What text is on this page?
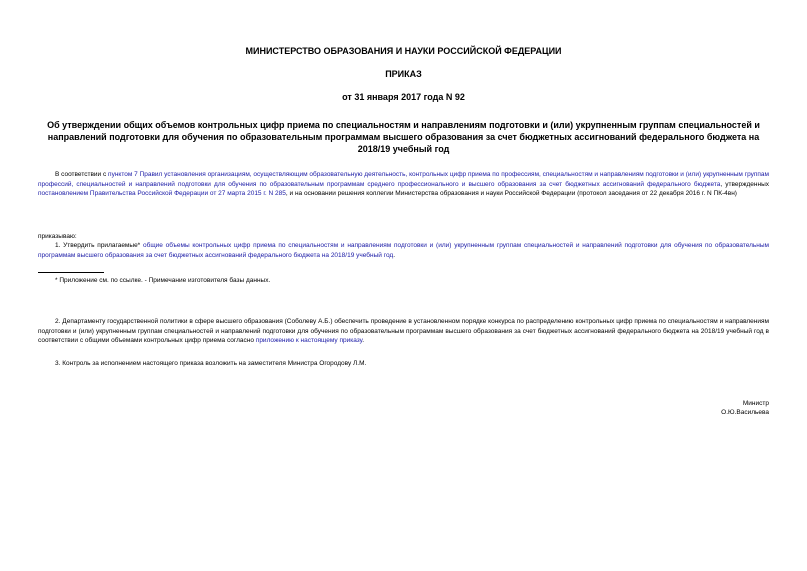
МИНИСТЕРСТВО ОБРАЗОВАНИЯ И НАУКИ РОССИЙСКОЙ ФЕДЕРАЦИИ
ПРИКАЗ
от 31 января 2017 года N 92
Об утверждении общих объемов контрольных цифр приема по специальностям и направлениям подготовки и (или) укрупненным группам специальностей и направлений подготовки для обучения по образовательным программам высшего образования за счет бюджетных ассигнований федерального бюджета на 2018/19 учебный год
В соответствии с пунктом 7 Правил установления организациям, осуществляющим образовательную деятельность, контрольных цифр приема по профессиям, специальностям и направлениям подготовки и (или) укрупненным группам профессий, специальностей и направлений подготовки для обучения по образовательным программам среднего профессионального и высшего образования за счет бюджетных ассигнований федерального бюджета, утвержденных постановлением Правительства Российской Федерации от 27 марта 2015 г. N 285, и на основании решения коллегии Министерства образования и науки Российской Федерации (протокол заседания от 22 декабря 2016 г. N ПК-4вн)
приказываю:
1. Утвердить прилагаемые* общие объемы контрольных цифр приема по специальностям и направлениям подготовки и (или) укрупненным группам специальностей и направлений подготовки для обучения по образовательным программам высшего образования за счет бюджетных ассигнований федерального бюджета на 2018/19 учебный год.
* Приложение см. по ссылке. - Примечание изготовителя базы данных.
2. Департаменту государственной политики в сфере высшего образования (Соболеву А.Б.) обеспечить проведение в установленном порядке конкурса по распределению контрольных цифр приема по специальностям и направлениям подготовки и (или) укрупненным группам специальностей и направлений подготовки для обучения по образовательным программам высшего образования за счет бюджетных ассигнований федерального бюджета на 2018/19 учебный год в соответствии с общими объемами контрольных цифр приема согласно приложению к настоящему приказу.
3. Контроль за исполнением настоящего приказа возложить на заместителя Министра Огородову Л.М.
Министр
О.Ю.Васильева
